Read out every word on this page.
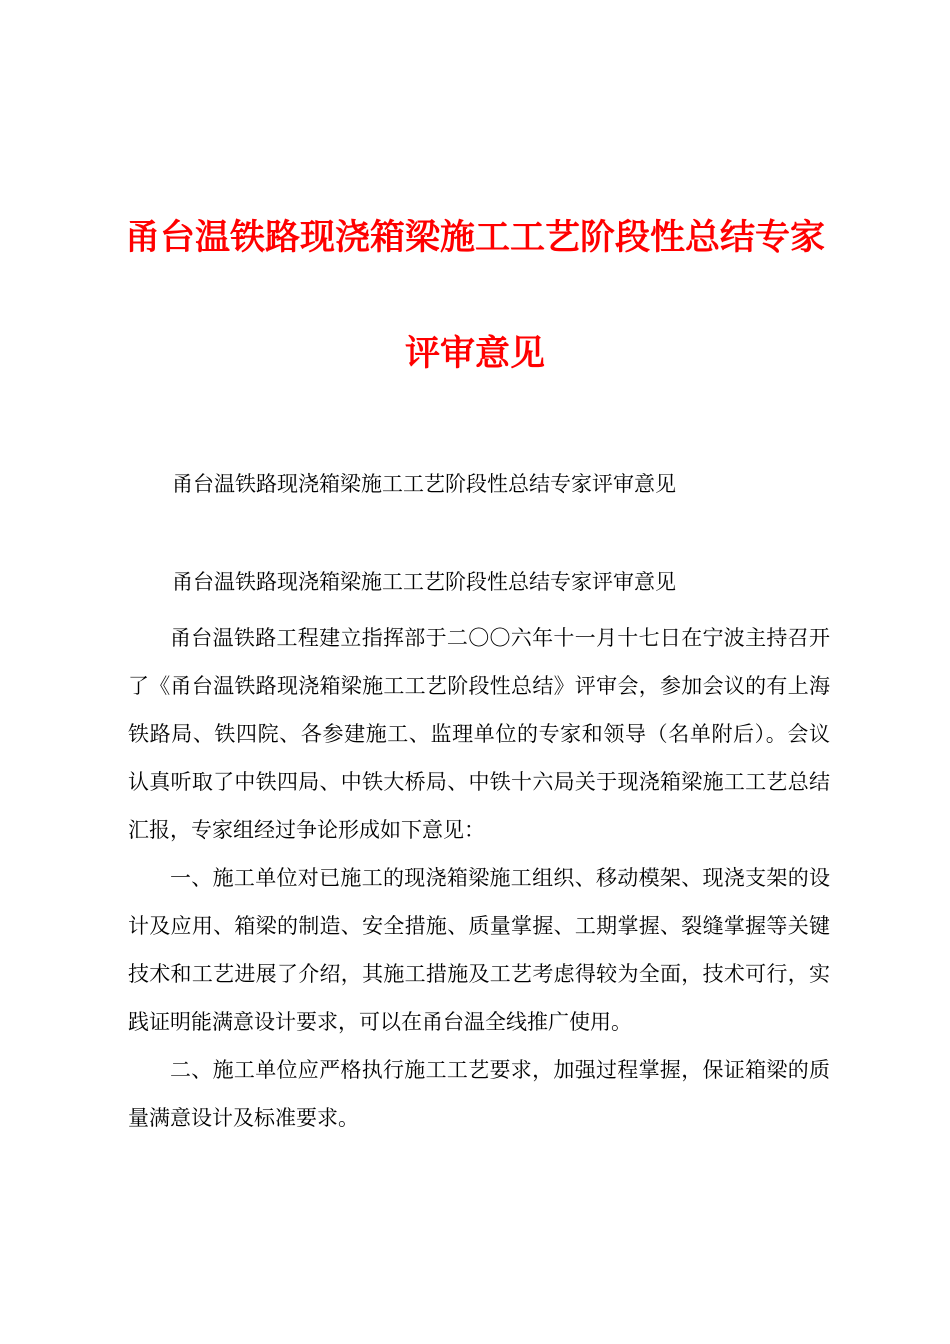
甬台温铁路现浇箱梁施工工艺阶段性总结专家
评审意见
甬台温铁路现浇箱梁施工工艺阶段性总结专家评审意见
甬台温铁路现浇箱梁施工工艺阶段性总结专家评审意见

甬台温铁路工程建立指挥部于二〇〇六年十一月十七日在宁波主持召开了《甬台温铁路现浇箱梁施工工艺阶段性总结》评审会，参加会议的有上海铁路局、铁四院、各参建施工、监理单位的专家和领导（名单附后）。会议认真听取了中铁四局、中铁大桥局、中铁十六局关于现浇箱梁施工工艺总结汇报，专家组经过争论形成如下意见：

一、施工单位对已施工的现浇箱梁施工组织、移动模架、现浇支架的设计及应用、箱梁的制造、安全措施、质量掌握、工期掌握、裂缝掌握等关键技术和工艺进展了介绍，其施工措施及工艺考虑得较为全面，技术可行，实践证明能满意设计要求，可以在甬台温全线推广使用。

二、施工单位应严格执行施工工艺要求，加强过程掌握，保证箱梁的质量满意设计及标准要求。
